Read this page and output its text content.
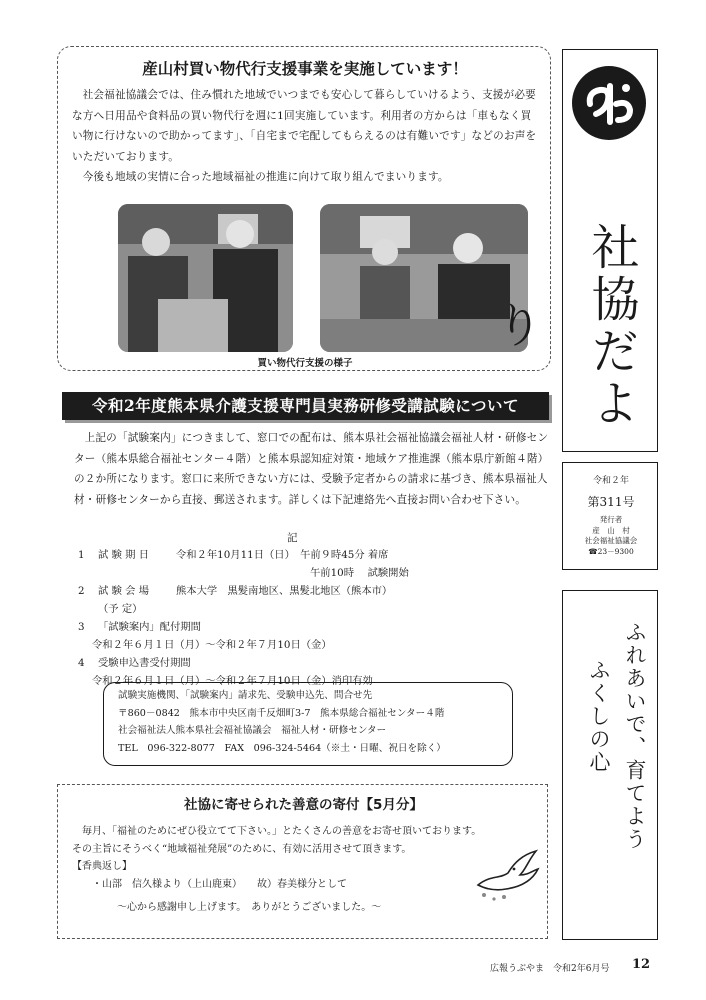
産山村買い物代行支援事業を実施しています！

社会福祉協議会では、住み慣れた地域でいつまでも安心して暮らしていけるよう、支援が必要な方へ日用品や食料品の買い物代行を週に1回実施しています。利用者の方からは「車もなく買い物に行けないので助かってます」、「自宅まで宅配してもらえるのは有難いです」などのお声をいただいております。

今後も地域の実情に合った地域福祉の推進に向けて取り組んでまいります。

買い物代行支援の様子
令和2年度熊本県介護支援専門員実務研修受講試験について

上記の「試験案内」につきまして、窓口での配布は、熊本県社会福祉協議会福祉人材・研修センター（熊本県総合福祉センター４階）と熊本県認知症対策・地域ケア推進課（熊本県庁新館４階）の２か所になります。窓口に来所できない方には、受験予定者からの請求に基づき、熊本県福祉人材・研修センターから直接、郵送されます。詳しくは下記連絡先へ直接お問い合わせ下さい。

記
1	試 験 期 日	令和２年10月11日（日）　午前９時45分 着席
午前10時　 試験開始
2	試 験 会 場	熊本大学　黒髪南地区、黒髪北地区（熊本市）
（予 定）
3	「試験案内」配付期間
令和２年６月１日（月）～令和２年７月10日（金）
4	受験申込書受付期間
令和２年６月１日（月）～令和２年７月10日（金）消印有効
試験実施機関、「試験案内」請求先、受験申込先、問合せ先
〒860－0842　熊本市中央区南千反畑町3-7　熊本県総合福祉センター４階
社会福祉法人熊本県社会福祉協議会　福祉人材・研修センター
TEL　096-322-8077　FAX　096-324-5464（※土・日曜、祝日を除く）
社協に寄せられた善意の寄付【5月分】
毎月、「福祉のためにぜひ役立てて下さい。」とたくさんの善意をお寄せ頂いております。
その主旨にそうべく“地域福祉発展”のために、有効に活用させて頂きます。
【香典返し】
・山部　信久様より（上山鹿東）　　故）春美様分として
～心から感謝申し上げます。　ありがとうございました。～
社協だより
令和２年
第311号
発行者
産　山　村
社会福祉協議会
☎23－9300
ふれあいで、育てよう
ふくしの心
広報うぶやま　令和2年6月号 12
